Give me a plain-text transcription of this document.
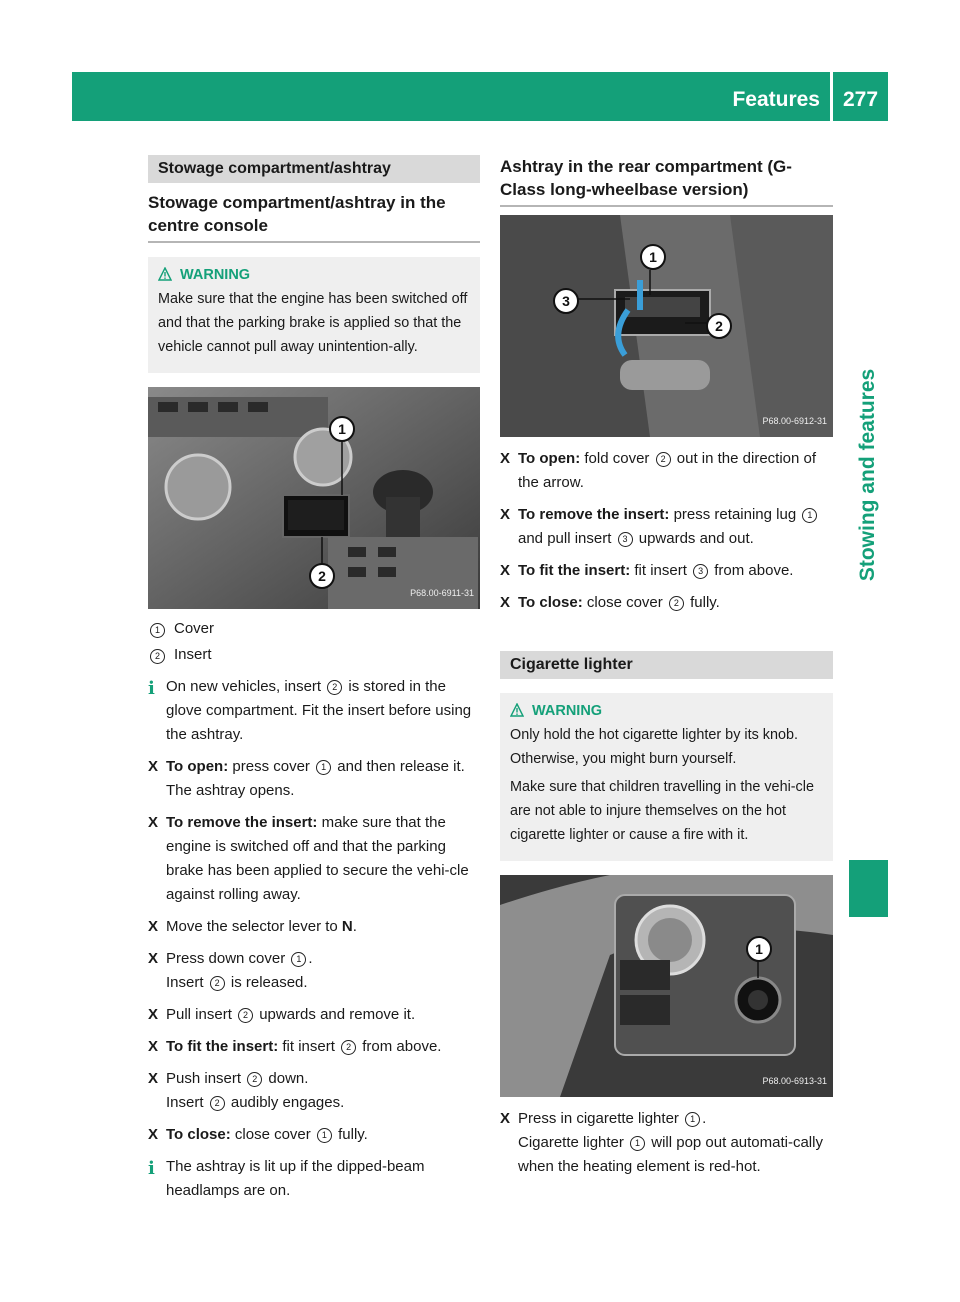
Features 277
Stowing and features
Stowage compartment/ashtray
Stowage compartment/ashtray in the centre console
WARNING

Make sure that the engine has been switched off and that the parking brake is applied so that the vehicle cannot pull away unintention-ally.

1
2
P68.00-6911-31

1 Cover

2 Insert

i On new vehicles, insert 2 is stored in the glove compartment. Fit the insert before using the ashtray.

X To open: press cover 1 and then release it.
The ashtray opens.

X To remove the insert: make sure that the engine is switched off and that the parking brake has been applied to secure the vehi-cle against rolling away.

X Move the selector lever to N.

X Press down cover 1 .
Insert 2 is released.

X Pull insert 2 upwards and remove it.

X To fit the insert: fit insert 2 from above.

X Push insert 2 down.
Insert 2 audibly engages.

X To close: close cover 1 fully.

i The ashtray is lit up if the dipped-beam headlamps are on.

Ashtray in the rear compartment (G-Class long-wheelbase version)
1
2
3
P68.00-6912-31

X To open: fold cover 2 out in the direction of the arrow.

X To remove the insert: press retaining lug 1 and pull insert 3 upwards and out.

X To fit the insert: fit insert 3 from above.

X To close: close cover 2 fully.

Cigarette lighter
WARNING

Only hold the hot cigarette lighter by its knob. Otherwise, you might burn yourself.

Make sure that children travelling in the vehi-cle are not able to injure themselves on the hot cigarette lighter or cause a fire with it.

1
P68.00-6913-31

X Press in cigarette lighter 1 .
Cigarette lighter 1 will pop out automati-cally when the heating element is red-hot.
